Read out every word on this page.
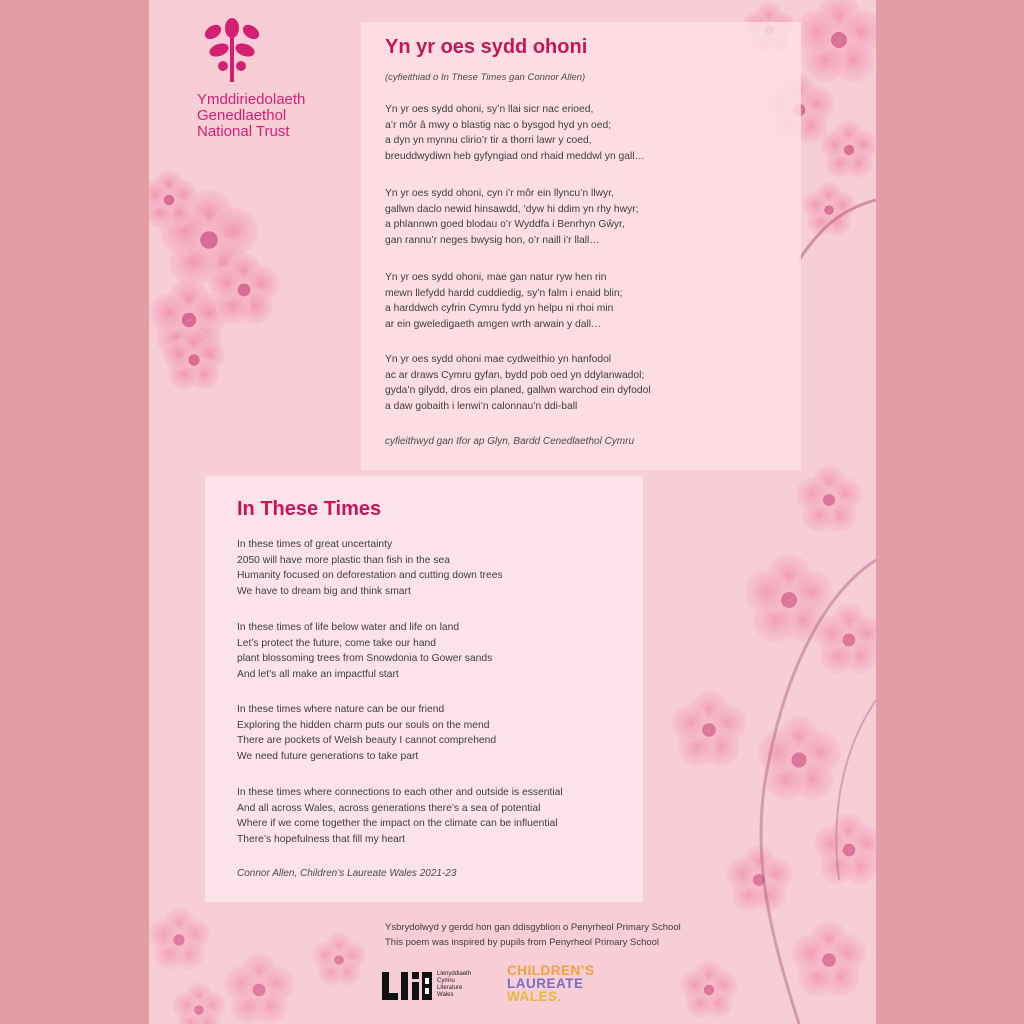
Ymddiriedolaeth
Genedlaethol
National Trust
Yn yr oes sydd ohoni
(cyfieithiad o In These Times gan Connor Allen)
Yn yr oes sydd ohoni, sy’n llai sicr nac erioed,
a’r môr â mwy o blastig nac o bysgod hyd yn oed;
a dyn yn mynnu clirio’r tir a thorri lawr y coed,
breuddwydiwn heb gyfyngiad ond rhaid meddwl yn gall…
Yn yr oes sydd ohoni, cyn i’r môr ein llyncu’n llwyr,
gallwn daclo newid hinsawdd, ’dyw hi ddim yn rhy hwyr;
a phlannwn goed blodau o’r Wyddfa i Benrhyn Gŵyr,
gan rannu’r neges bwysig hon, o’r naill i’r llall…
Yn yr oes sydd ohoni, mae gan natur ryw hen rin
mewn llefydd hardd cuddiedig, sy’n falm i enaid blin;
a harddwch cyfrin Cymru fydd yn helpu ni rhoi min
ar ein gweledigaeth amgen wrth arwain y dall…
Yn yr oes sydd ohoni mae cydweithio yn hanfodol
ac ar draws Cymru gyfan, bydd pob oed yn ddylanwadol;
gyda’n gilydd, dros ein planed, gallwn warchod ein dyfodol
a daw gobaith i lenwi’n calonnau’n ddi-ball
cyfieithwyd gan Ifor ap Glyn, Bardd Cenedlaethol Cymru
In These Times
In these times of great uncertainty
2050 will have more plastic than fish in the sea
Humanity focused on deforestation and cutting down trees
We have to dream big and think smart
In these times of life below water and life on land
Let’s protect the future, come take our hand
plant blossoming trees from Snowdonia to Gower sands
And let’s all make an impactful start
In these times where nature can be our friend
Exploring the hidden charm puts our souls on the mend
There are pockets of Welsh beauty I cannot comprehend
We need future generations to take part
In these times where connections to each other and outside is essential
And all across Wales, across generations there’s a sea of potential
Where if we come together the impact on the climate can be influential
There’s hopefulness that fill my heart
Connor Allen, Children’s Laureate Wales 2021-23
Ysbrydolwyd y gerdd hon gan ddisgyblion o Penyrheol Primary School
This poem was inspired by pupils from Penyrheol Primary School
Llenyddiaeth
Cymru
Literature
Wales
CHILDREN’S
LAUREATE
WALES.
